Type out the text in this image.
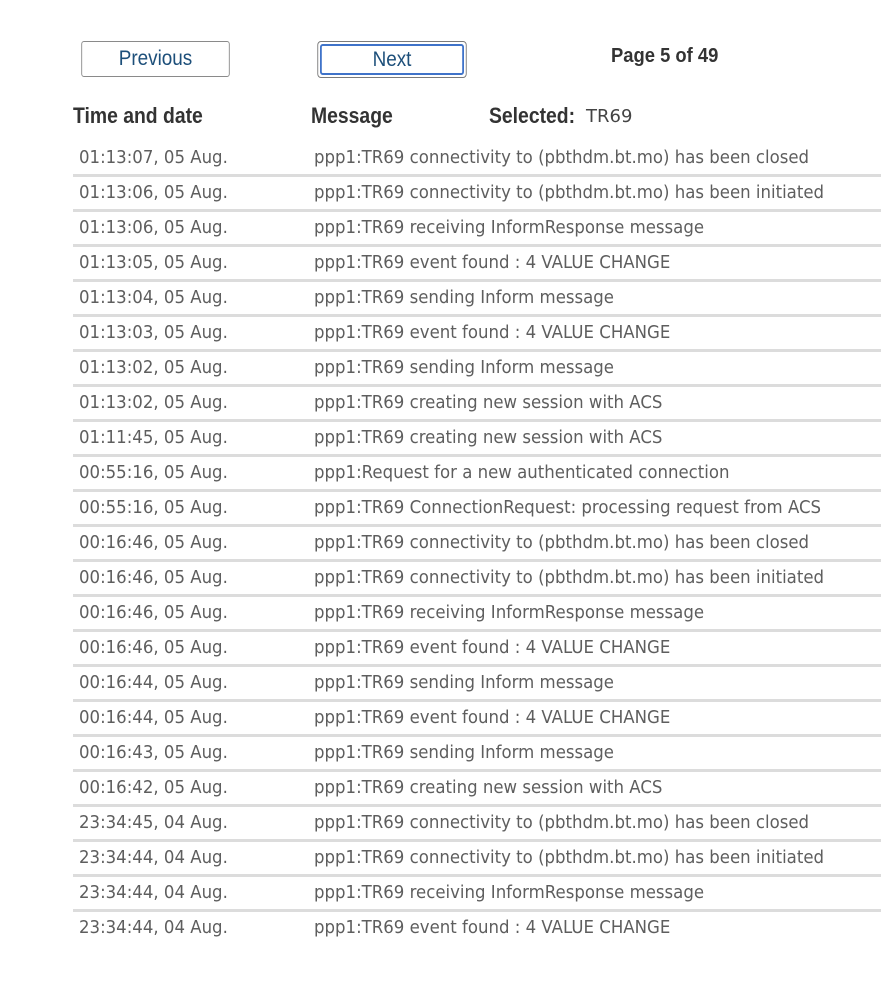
Previous	Next	Page 5 of 49
Time and date	Message	Selected: TR69
01:13:07, 05 Aug.	ppp1:TR69 connectivity to (pbthdm.bt.mo) has been closed
01:13:06, 05 Aug.	ppp1:TR69 connectivity to (pbthdm.bt.mo) has been initiated
01:13:06, 05 Aug.	ppp1:TR69 receiving InformResponse message
01:13:05, 05 Aug.	ppp1:TR69 event found : 4 VALUE CHANGE
01:13:04, 05 Aug.	ppp1:TR69 sending Inform message
01:13:03, 05 Aug.	ppp1:TR69 event found : 4 VALUE CHANGE
01:13:02, 05 Aug.	ppp1:TR69 sending Inform message
01:13:02, 05 Aug.	ppp1:TR69 creating new session with ACS
01:11:45, 05 Aug.	ppp1:TR69 creating new session with ACS
00:55:16, 05 Aug.	ppp1:Request for a new authenticated connection
00:55:16, 05 Aug.	ppp1:TR69 ConnectionRequest: processing request from ACS
00:16:46, 05 Aug.	ppp1:TR69 connectivity to (pbthdm.bt.mo) has been closed
00:16:46, 05 Aug.	ppp1:TR69 connectivity to (pbthdm.bt.mo) has been initiated
00:16:46, 05 Aug.	ppp1:TR69 receiving InformResponse message
00:16:46, 05 Aug.	ppp1:TR69 event found : 4 VALUE CHANGE
00:16:44, 05 Aug.	ppp1:TR69 sending Inform message
00:16:44, 05 Aug.	ppp1:TR69 event found : 4 VALUE CHANGE
00:16:43, 05 Aug.	ppp1:TR69 sending Inform message
00:16:42, 05 Aug.	ppp1:TR69 creating new session with ACS
23:34:45, 04 Aug.	ppp1:TR69 connectivity to (pbthdm.bt.mo) has been closed
23:34:44, 04 Aug.	ppp1:TR69 connectivity to (pbthdm.bt.mo) has been initiated
23:34:44, 04 Aug.	ppp1:TR69 receiving InformResponse message
23:34:44, 04 Aug.	ppp1:TR69 event found : 4 VALUE CHANGE
